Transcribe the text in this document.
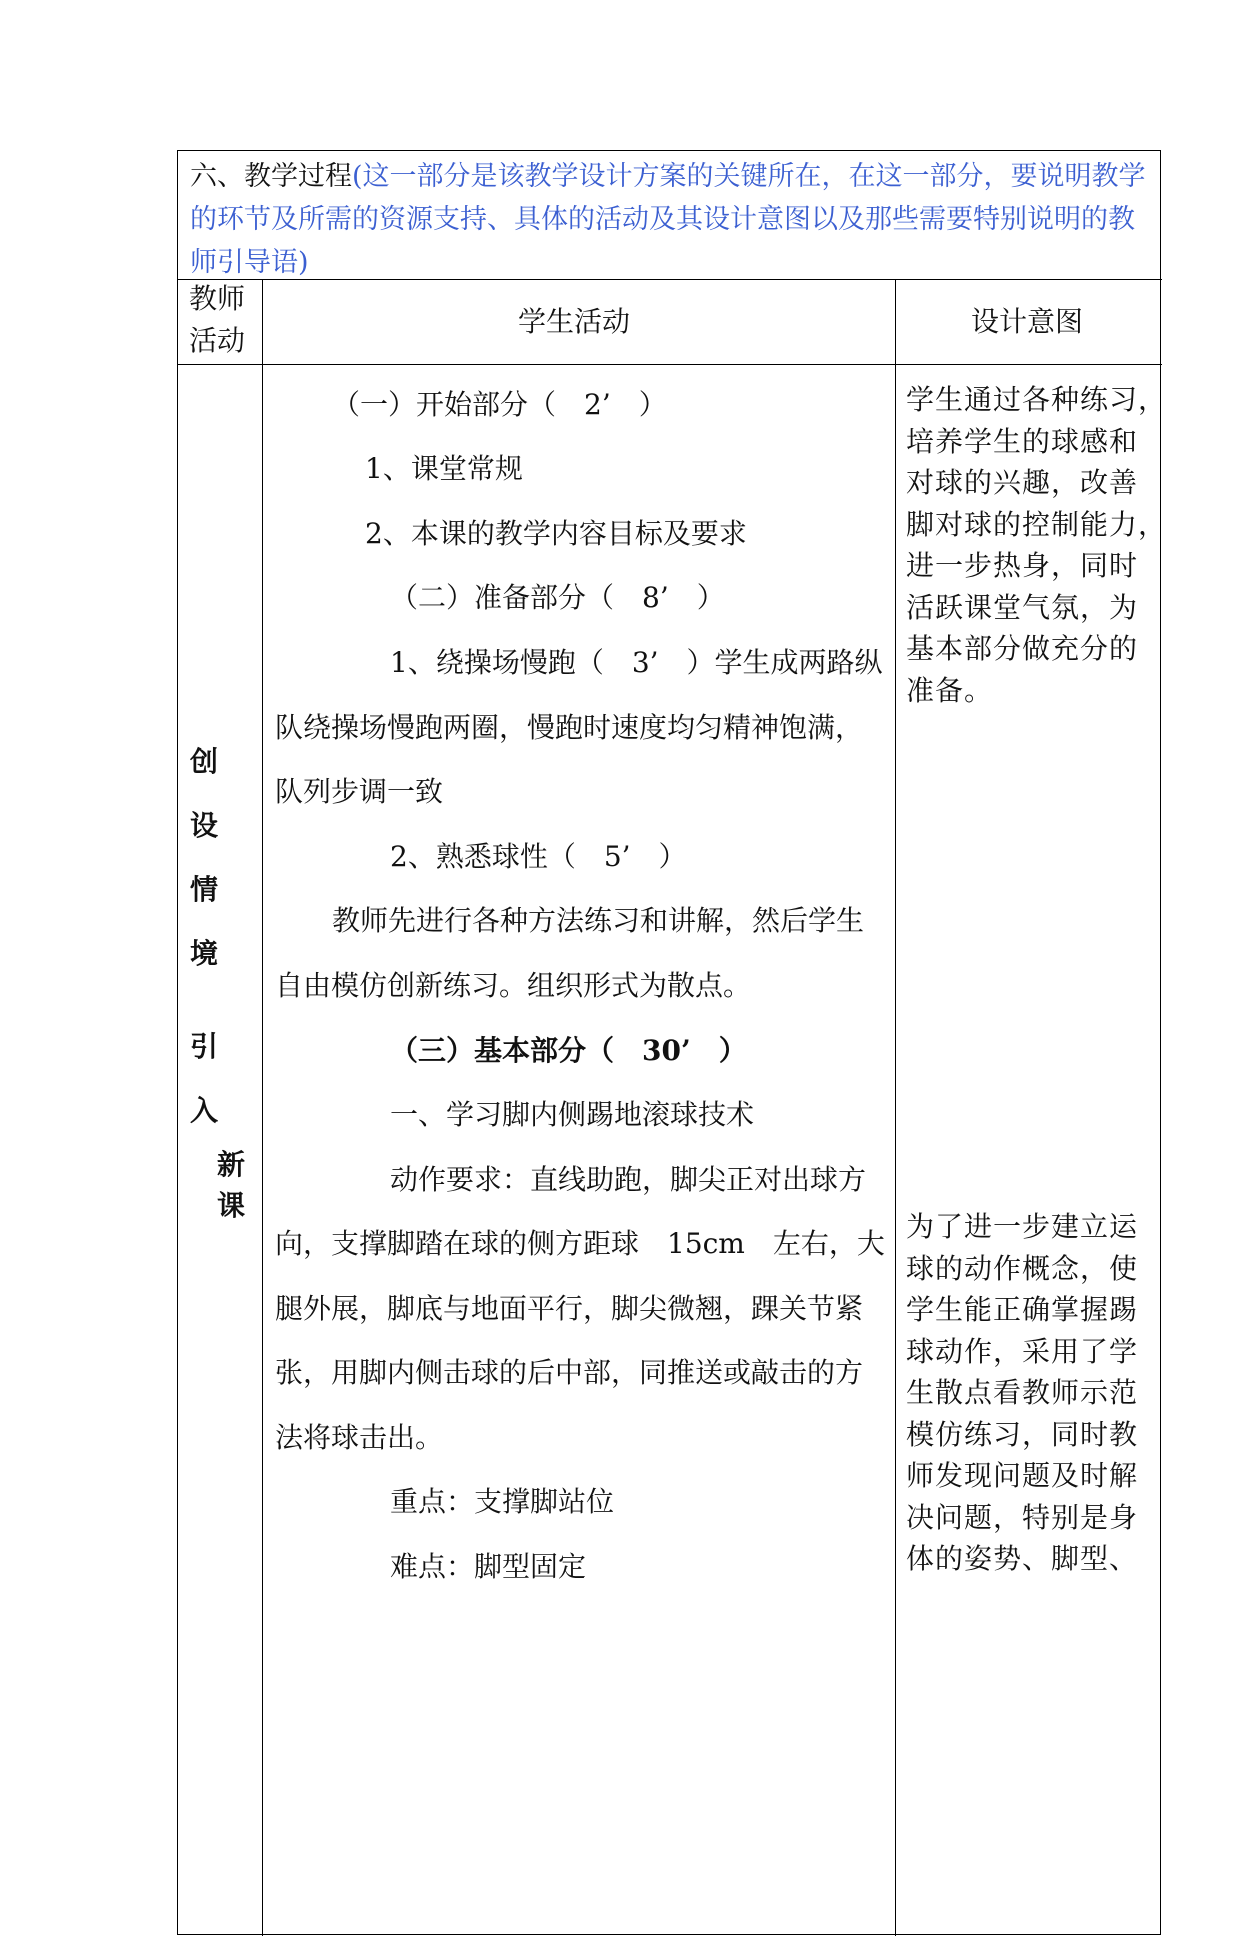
六、教学过程(这一部分是该教学设计方案的关键所在，在这一部分，要说明教学的环节及所需的资源支持、具体的活动及其设计意图以及那些需要特别说明的教师引导语)
教师
活动
学生活动	设计意图
创
设
情
境
引
入
新
课
（一）开始部分（　2’　）
1、课堂常规
2、本课的教学内容目标及要求
（二）准备部分（　8’　）
1、绕操场慢跑（　3’　）学生成两路纵
队绕操场慢跑两圈，慢跑时速度均匀精神饱满，
队列步调一致
2、熟悉球性（　5’　）
教师先进行各种方法练习和讲解，然后学生
自由模仿创新练习。组织形式为散点。
（三）基本部分（　30’　）
一、学习脚内侧踢地滚球技术
动作要求：直线助跑，脚尖正对出球方
向，支撑脚踏在球的侧方距球　15cm　左右，大
腿外展，脚底与地面平行，脚尖微翘，踝关节紧
张，用脚内侧击球的后中部，同推送或敲击的方
法将球击出。
重点：支撑脚站位
难点：脚型固定
学生通过各种练习，
培养学生的球感和
对球的兴趣，改善
脚对球的控制能力，
进一步热身，同时
活跃课堂气氛，为
基本部分做充分的
准备。
为了进一步建立运
球的动作概念，使
学生能正确掌握踢
球动作，采用了学
生散点看教师示范
模仿练习，同时教
师发现问题及时解
决问题，特别是身
体的姿势、脚型、
